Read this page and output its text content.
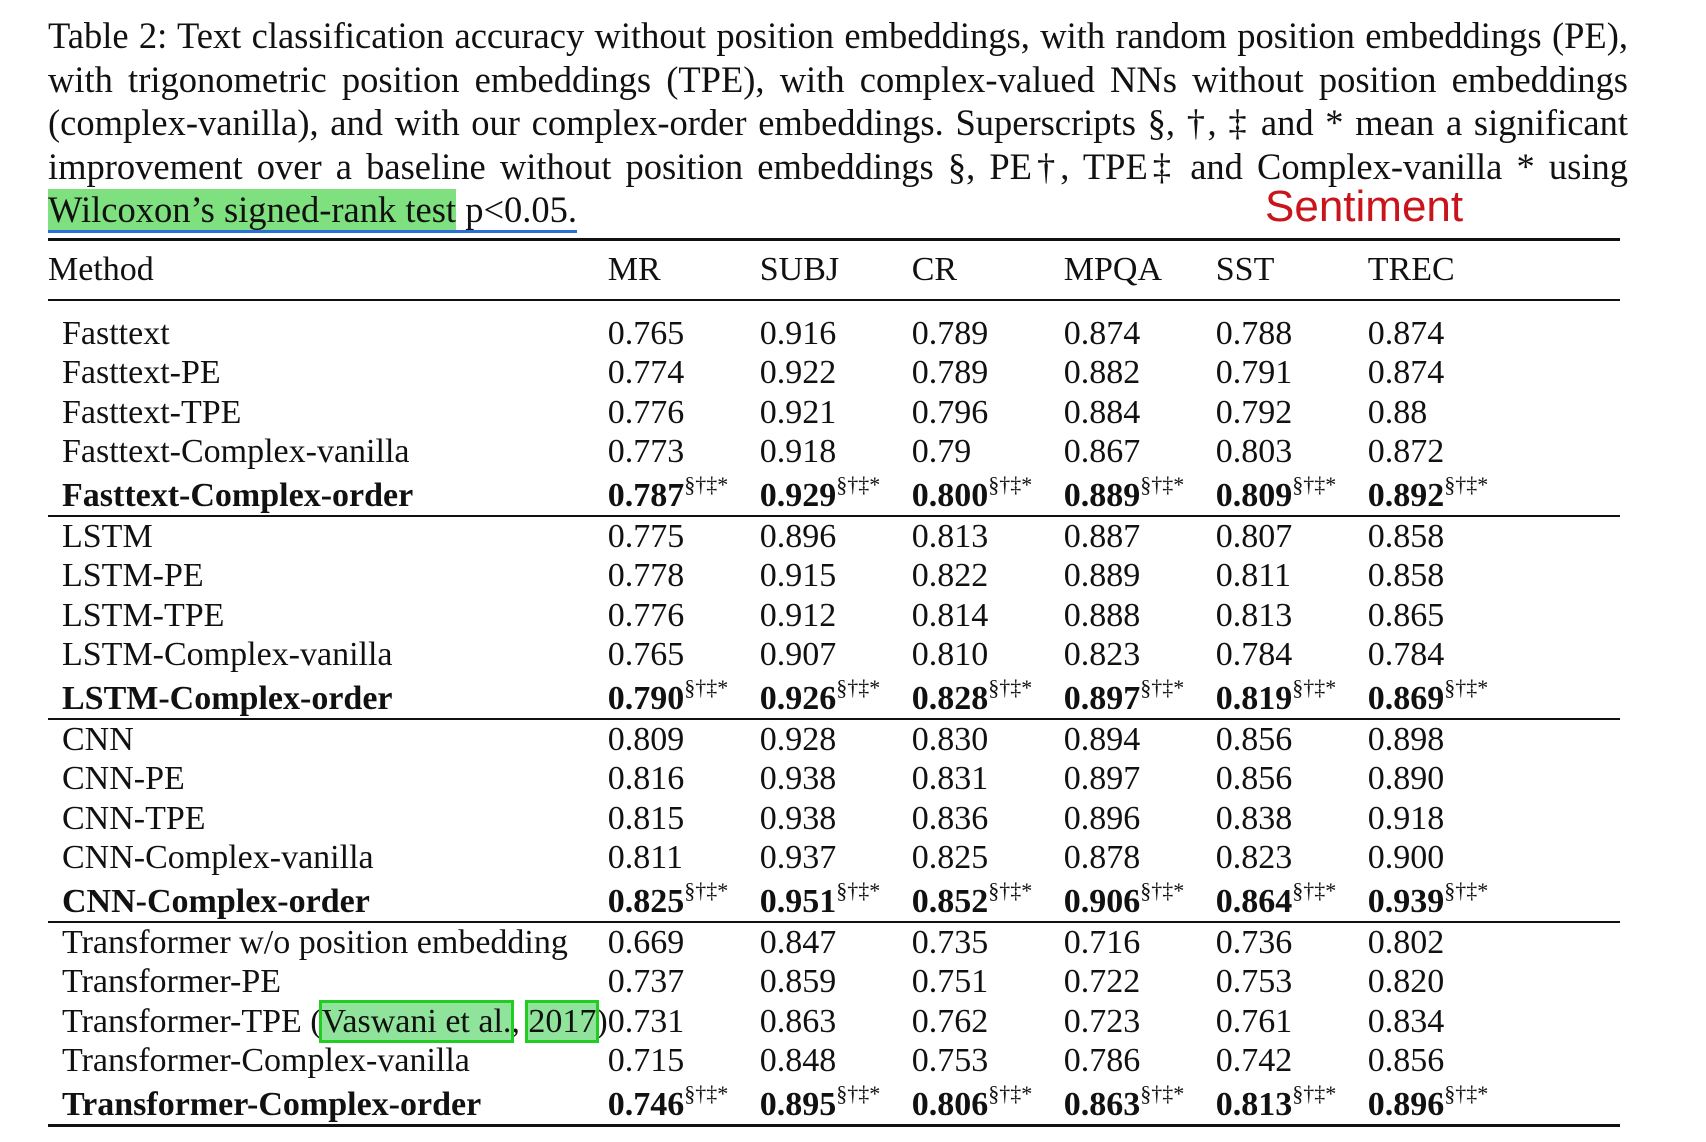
Table 2: Text classification accuracy without position embeddings, with random position embeddings (PE), with trigonometric position embeddings (TPE), with complex-valued NNs without position embeddings (complex-vanilla), and with our complex-order embeddings. Superscripts §, †, ‡ and * mean a significant improvement over a baseline without position embeddings §, PE†, TPE‡ and Complex-vanilla * using Wilcoxon’s signed-rank test p<0.05.	Sentiment
Method	MR	SUBJ	CR	MPQA	SST	TREC
Fasttext	0.765	0.916	0.789	0.874	0.788	0.874
Fasttext-PE	0.774	0.922	0.789	0.882	0.791	0.874
Fasttext-TPE	0.776	0.921	0.796	0.884	0.792	0.88
Fasttext-Complex-vanilla	0.773	0.918	0.79	0.867	0.803	0.872
Fasttext-Complex-order	0.787§†‡*	0.929§†‡*	0.800§†‡*	0.889§†‡*	0.809§†‡*	0.892§†‡*
LSTM	0.775	0.896	0.813	0.887	0.807	0.858
LSTM-PE	0.778	0.915	0.822	0.889	0.811	0.858
LSTM-TPE	0.776	0.912	0.814	0.888	0.813	0.865
LSTM-Complex-vanilla	0.765	0.907	0.810	0.823	0.784	0.784
LSTM-Complex-order	0.790§†‡*	0.926§†‡*	0.828§†‡*	0.897§†‡*	0.819§†‡*	0.869§†‡*
CNN	0.809	0.928	0.830	0.894	0.856	0.898
CNN-PE	0.816	0.938	0.831	0.897	0.856	0.890
CNN-TPE	0.815	0.938	0.836	0.896	0.838	0.918
CNN-Complex-vanilla	0.811	0.937	0.825	0.878	0.823	0.900
CNN-Complex-order	0.825§†‡*	0.951§†‡*	0.852§†‡*	0.906§†‡*	0.864§†‡*	0.939§†‡*
Transformer w/o position embedding	0.669	0.847	0.735	0.716	0.736	0.802
Transformer-PE	0.737	0.859	0.751	0.722	0.753	0.820
Transformer-TPE (Vaswani et al., 2017)	0.731	0.863	0.762	0.723	0.761	0.834
Transformer-Complex-vanilla	0.715	0.848	0.753	0.786	0.742	0.856
Transformer-Complex-order	0.746§†‡*	0.895§†‡*	0.806§†‡*	0.863§†‡*	0.813§†‡*	0.896§†‡*
